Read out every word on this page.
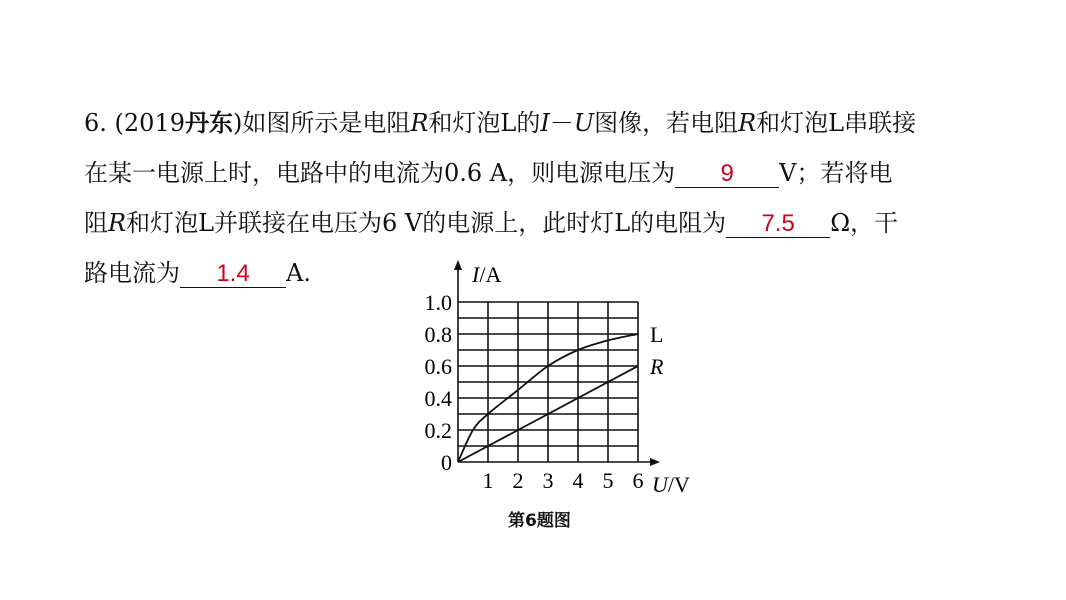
6. (2019丹东)如图所示是电阻R和灯泡L的I－U图像，若电阻R和灯泡L串联接
在某一电源上时，电路中的电流为0.6 A，则电源电压为 9 V；若将电
阻R和灯泡L并联接在电压为6 V的电源上，此时灯L的电阻为 7.5 Ω，干
路电流为 1.4 A.
1 2 3 4 5 6
0.2
0.4
0.6
0.8
1.0
0
L
R
I/A
U/V
第6题图
